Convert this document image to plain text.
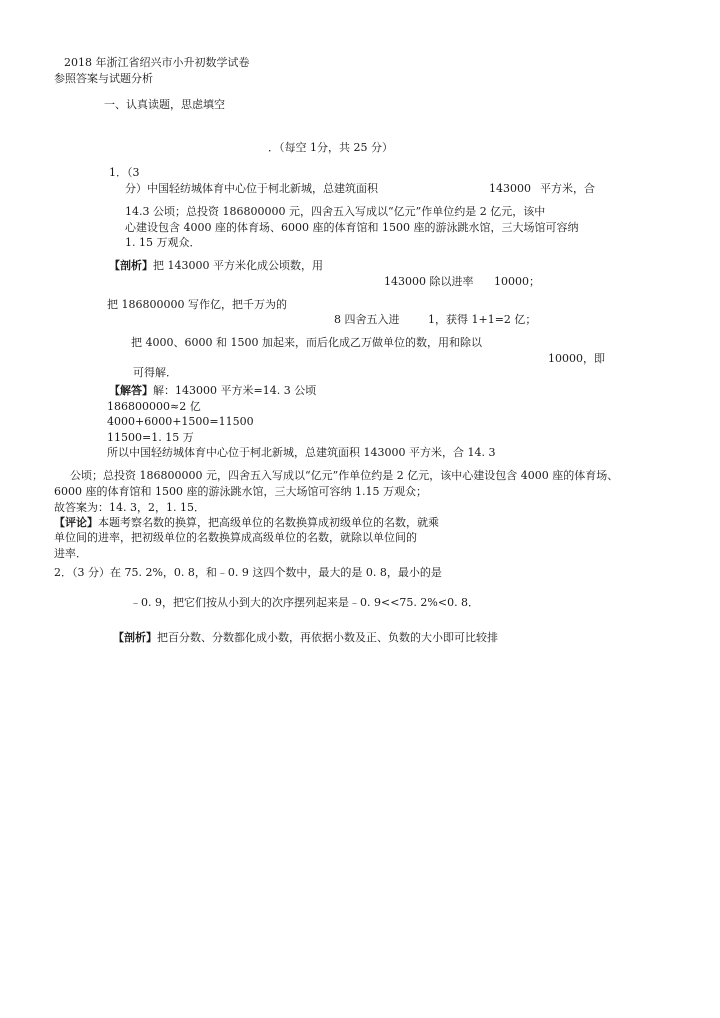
2018 年浙江省绍兴市小升初数学试卷
参照答案与试题分析
一、认真读题，思虑填空
．（每空 1分，共 25 分）
1．（3
分）中国轻纺城体育中心位于柯北新城，总建筑面积	143000 平方米，合
14.3 公顷；总投资 186800000 元，四舍五入写成以“亿元”作单位约是 2 亿元，该中
心建设包含 4000 座的体育场、6000 座的体育馆和 1500 座的游泳跳水馆，三大场馆可容纳
1. 15 万观众．
【剖析】把 143000 平方米化成公顷数，用
143000 除以进率 10000；
把 186800000 写作亿，把千万为的
8 四舍五入进	1，获得 1+1=2 亿；
把 4000、6000 和 1500 加起来，而后化成乙万做单位的数，用和除以
10000，即
可得解．
【解答】解：143000 平方米=14. 3 公顷
186800000≈2 亿
4000+6000+1500=11500
11500=1. 15 万
所以中国轻纺城体育中心位于柯北新城，总建筑面积 143000 平方米，合 14. 3
公顷；总投资 186800000 元，四舍五入写成以“亿元”作单位约是 2 亿元，该中心建设包含 4000 座的体育场、
6000 座的体育馆和 1500 座的游泳跳水馆，三大场馆可容纳 1.15 万观众；
故答案为：14. 3，2，1. 15．
【评论】本题考察名数的换算，把高级单位的名数换算成初级单位的名数，就乘
单位间的进率，把初级单位的名数换算成高级单位的名数，就除以单位间的
进率．
2．（3 分）在 75. 2%，0. 8，和﹣0. 9 这四个数中，最大的是 0. 8，最小的是
﹣0. 9，把它们按从小到大的次序摆列起来是﹣0. 9<<75. 2%<0. 8．
【剖析】把百分数、分数都化成小数，再依据小数及正、负数的大小即可比较排
